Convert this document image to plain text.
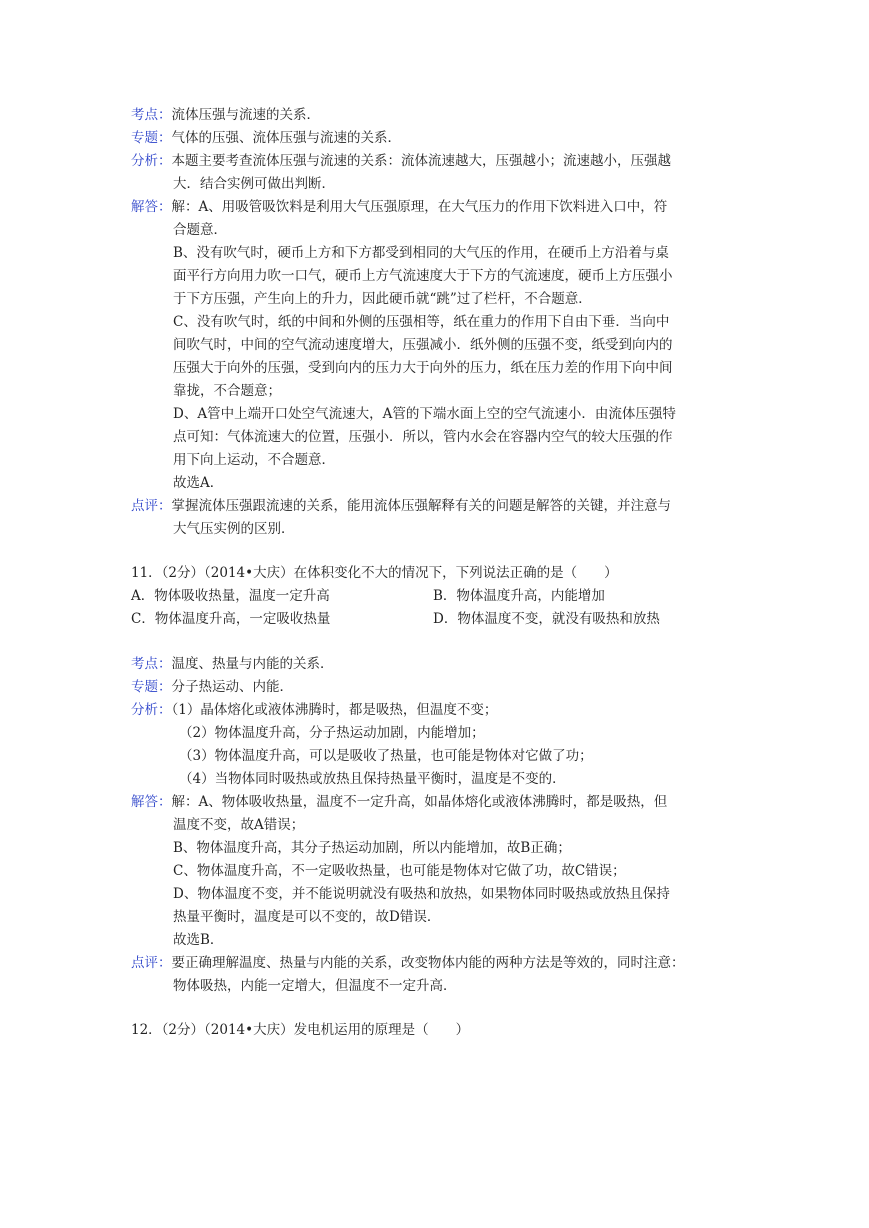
考点：流体压强与流速的关系．
专题：气体的压强、流体压强与流速的关系．
分析：本题主要考查流体压强与流速的关系：流体流速越大，压强越小；流速越小，压强越
大．结合实例可做出判断．
解答：解：A、用吸管吸饮料是利用大气压强原理，在大气压力的作用下饮料进入口中，符
合题意．
B、没有吹气时，硬币上方和下方都受到相同的大气压的作用，在硬币上方沿着与桌
面平行方向用力吹一口气，硬币上方气流速度大于下方的气流速度，硬币上方压强小
于下方压强，产生向上的升力，因此硬币就“跳”过了栏杆，不合题意．
C、没有吹气时，纸的中间和外侧的压强相等，纸在重力的作用下自由下垂．当向中
间吹气时，中间的空气流动速度增大，压强减小．纸外侧的压强不变，纸受到向内的
压强大于向外的压强，受到向内的压力大于向外的压力，纸在压力差的作用下向中间
靠拢，不合题意；
D、A管中上端开口处空气流速大，A管的下端水面上空的空气流速小．由流体压强特
点可知：气体流速大的位置，压强小．所以，管内水会在容器内空气的较大压强的作
用下向上运动，不合题意．
故选A．
点评：掌握流体压强跟流速的关系，能用流体压强解释有关的问题是解答的关键，并注意与
大气压实例的区别．
11．（2分）（2014•大庆）在体积变化不大的情况下，下列说法正确的是（　　）
A．物体吸收热量，温度一定升高	B．物体温度升高，内能增加
C．物体温度升高，一定吸收热量	D．物体温度不变，就没有吸热和放热
考点：温度、热量与内能的关系．
专题：分子热运动、内能．
分析：（1）晶体熔化或液体沸腾时，都是吸热，但温度不变；
（2）物体温度升高，分子热运动加剧，内能增加；
（3）物体温度升高，可以是吸收了热量，也可能是物体对它做了功；
（4）当物体同时吸热或放热且保持热量平衡时，温度是不变的．
解答：解：A、物体吸收热量，温度不一定升高，如晶体熔化或液体沸腾时，都是吸热，但
温度不变，故A错误；
B、物体温度升高，其分子热运动加剧，所以内能增加，故B正确；
C、物体温度升高，不一定吸收热量，也可能是物体对它做了功，故C错误；
D、物体温度不变，并不能说明就没有吸热和放热，如果物体同时吸热或放热且保持
热量平衡时，温度是可以不变的，故D错误．
故选B．
点评：要正确理解温度、热量与内能的关系，改变物体内能的两种方法是等效的，同时注意：
物体吸热，内能一定增大，但温度不一定升高．
12．（2分）（2014•大庆）发电机运用的原理是（　　）
